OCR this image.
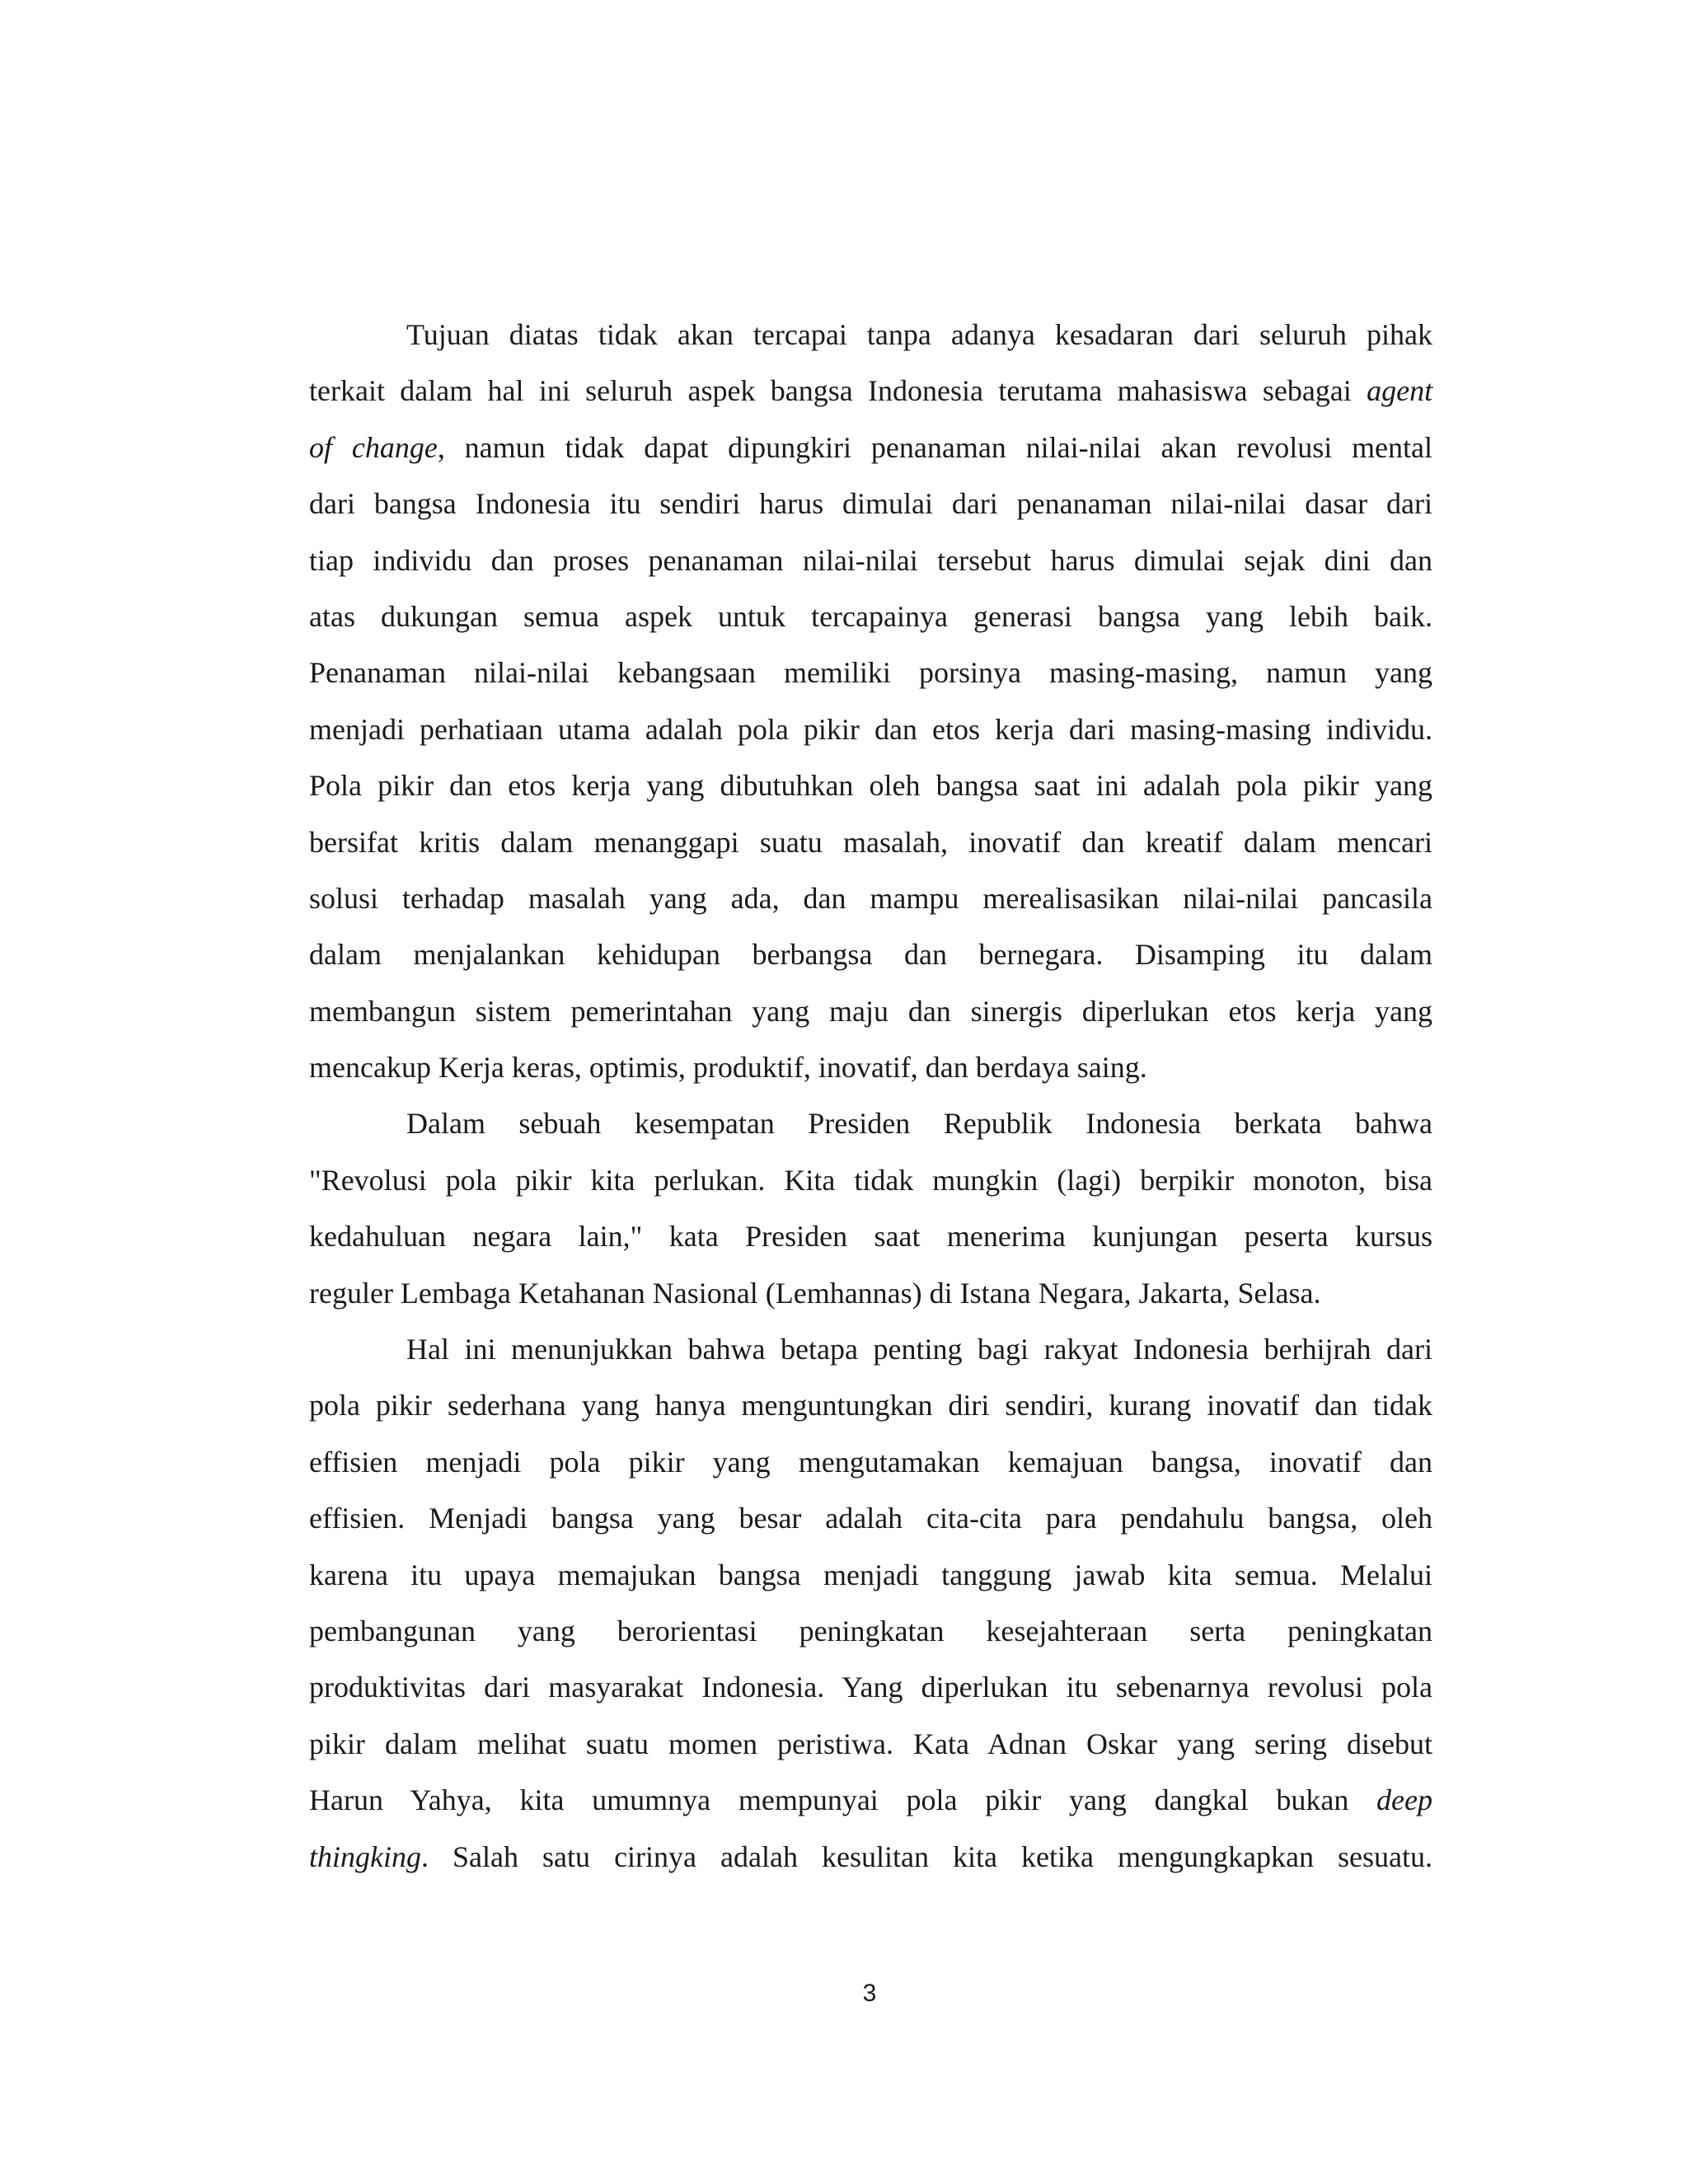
Tujuan diatas tidak akan tercapai tanpa adanya kesadaran dari seluruh pihak
terkait dalam hal ini seluruh aspek bangsa Indonesia terutama mahasiswa sebagai agent
of change, namun tidak dapat dipungkiri penanaman nilai-nilai akan revolusi mental
dari bangsa Indonesia itu sendiri harus dimulai dari penanaman nilai-nilai dasar dari
tiap individu dan proses penanaman nilai-nilai tersebut harus dimulai sejak dini dan
atas dukungan semua aspek untuk tercapainya generasi bangsa yang lebih baik.
Penanaman nilai-nilai kebangsaan memiliki porsinya masing-masing, namun yang
menjadi perhatiaan utama adalah pola pikir dan etos kerja dari masing-masing individu.
Pola pikir dan etos kerja yang dibutuhkan oleh bangsa saat ini adalah pola pikir yang
bersifat kritis dalam menanggapi suatu masalah, inovatif dan kreatif dalam mencari
solusi terhadap masalah yang ada, dan mampu merealisasikan nilai-nilai pancasila
dalam menjalankan kehidupan berbangsa dan bernegara. Disamping itu dalam
membangun sistem pemerintahan yang maju dan sinergis diperlukan etos kerja yang
mencakup Kerja keras, optimis, produktif, inovatif, dan berdaya saing.
Dalam sebuah kesempatan Presiden Republik Indonesia berkata bahwa
"Revolusi pola pikir kita perlukan. Kita tidak mungkin (lagi) berpikir monoton, bisa
kedahuluan negara lain," kata Presiden saat menerima kunjungan peserta kursus
reguler Lembaga Ketahanan Nasional (Lemhannas) di Istana Negara, Jakarta, Selasa.
Hal ini menunjukkan bahwa betapa penting bagi rakyat Indonesia berhijrah dari
pola pikir sederhana yang hanya menguntungkan diri sendiri, kurang inovatif dan tidak
effisien menjadi pola pikir yang mengutamakan kemajuan bangsa, inovatif dan
effisien. Menjadi bangsa yang besar adalah cita-cita para pendahulu bangsa, oleh
karena itu upaya memajukan bangsa menjadi tanggung jawab kita semua. Melalui
pembangunan yang berorientasi peningkatan kesejahteraan serta peningkatan
produktivitas dari masyarakat Indonesia. Yang diperlukan itu sebenarnya revolusi pola
pikir dalam melihat suatu momen peristiwa. Kata Adnan Oskar yang sering disebut
Harun Yahya, kita umumnya mempunyai pola pikir yang dangkal bukan deep
thingking. Salah satu cirinya adalah kesulitan kita ketika mengungkapkan sesuatu.
3
